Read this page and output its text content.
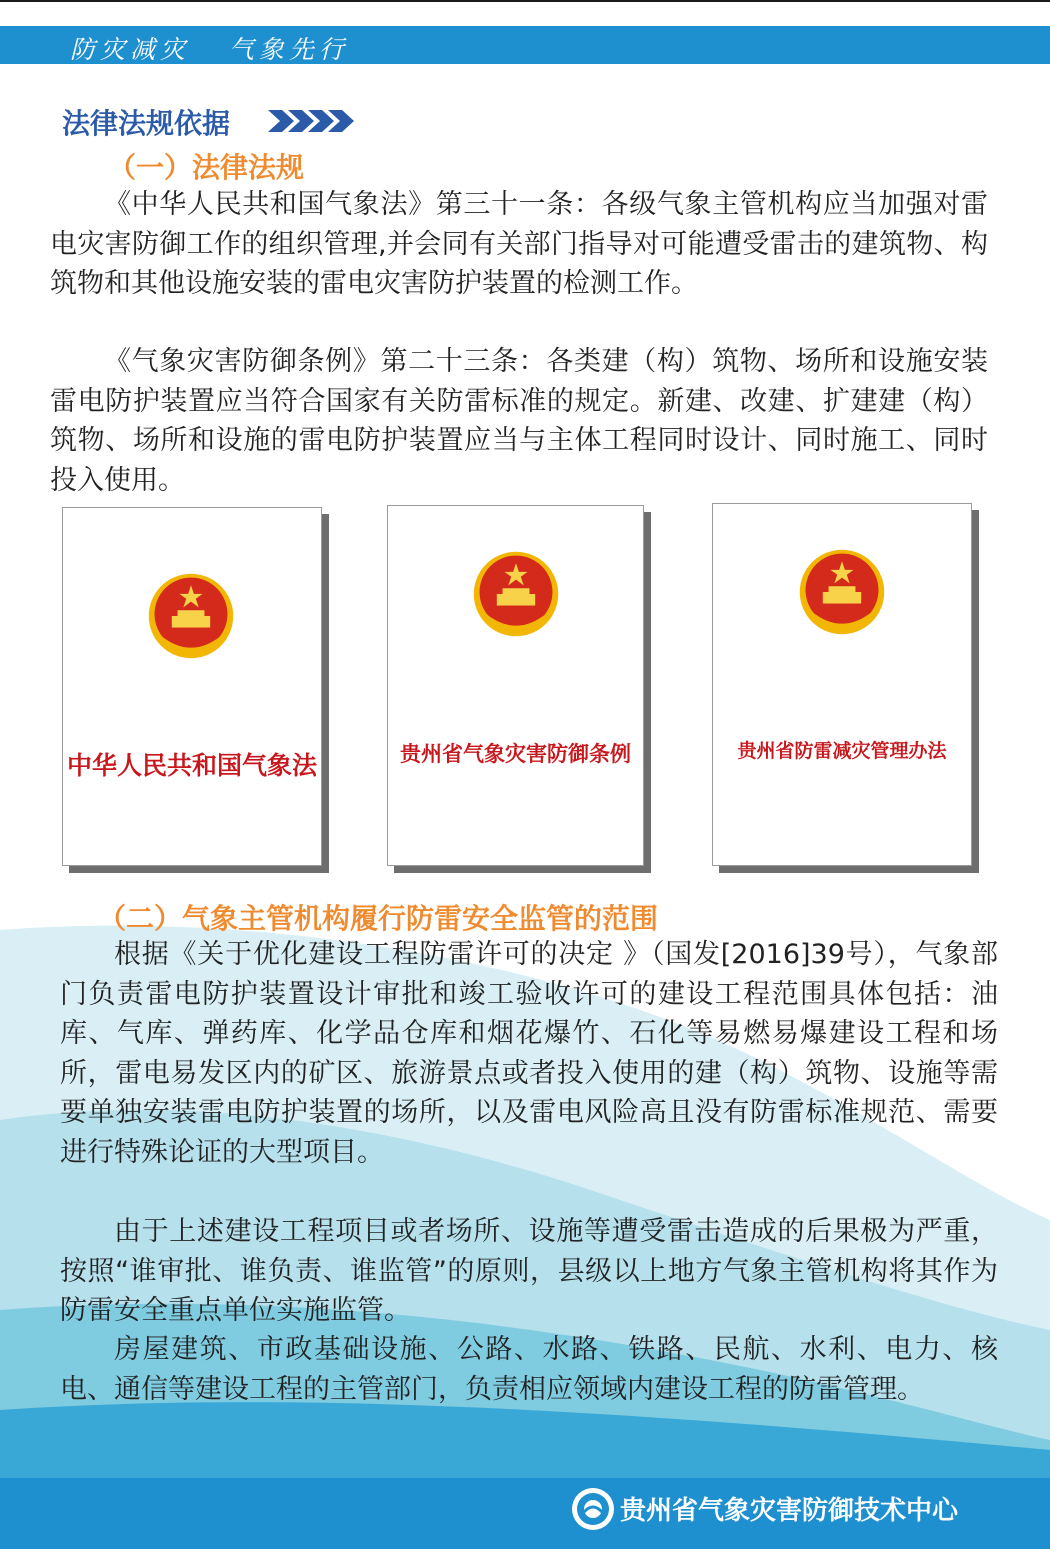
防灾减灾   气象先行
法律法规依据
（一）法律法规

《中华人民共和国气象法》第三十一条：各级气象主管机构应当加强对雷电灾害防御工作的组织管理,并会同有关部门指导对可能遭受雷击的建筑物、构筑物和其他设施安装的雷电灾害防护装置的检测工作。

《气象灾害防御条例》第二十三条：各类建（构）筑物、场所和设施安装雷电防护装置应当符合国家有关防雷标准的规定。新建、改建、扩建建（构）筑物、场所和设施的雷电防护装置应当与主体工程同时设计、同时施工、同时投入使用。

中华人民共和国气象法	贵州省气象灾害防御条例	贵州省防雷减灾管理办法
（二）气象主管机构履行防雷安全监管的范围

根据《关于优化建设工程防雷许可的决定 》（国发[2016]39号），气象部门负责雷电防护装置设计审批和竣工验收许可的建设工程范围具体包括：油库、气库、弹药库、化学品仓库和烟花爆竹、石化等易燃易爆建设工程和场所，雷电易发区内的矿区、旅游景点或者投入使用的建（构）筑物、设施等需要单独安装雷电防护装置的场所，以及雷电风险高且没有防雷标准规范、需要进行特殊论证的大型项目。

由于上述建设工程项目或者场所、设施等遭受雷击造成的后果极为严重，按照“谁审批、谁负责、谁监管”的原则，县级以上地方气象主管机构将其作为防雷安全重点单位实施监管。

房屋建筑、市政基础设施、公路、水路、铁路、民航、水利、电力、核电、通信等建设工程的主管部门，负责相应领域内建设工程的防雷管理。

贵州省气象灾害防御技术中心
